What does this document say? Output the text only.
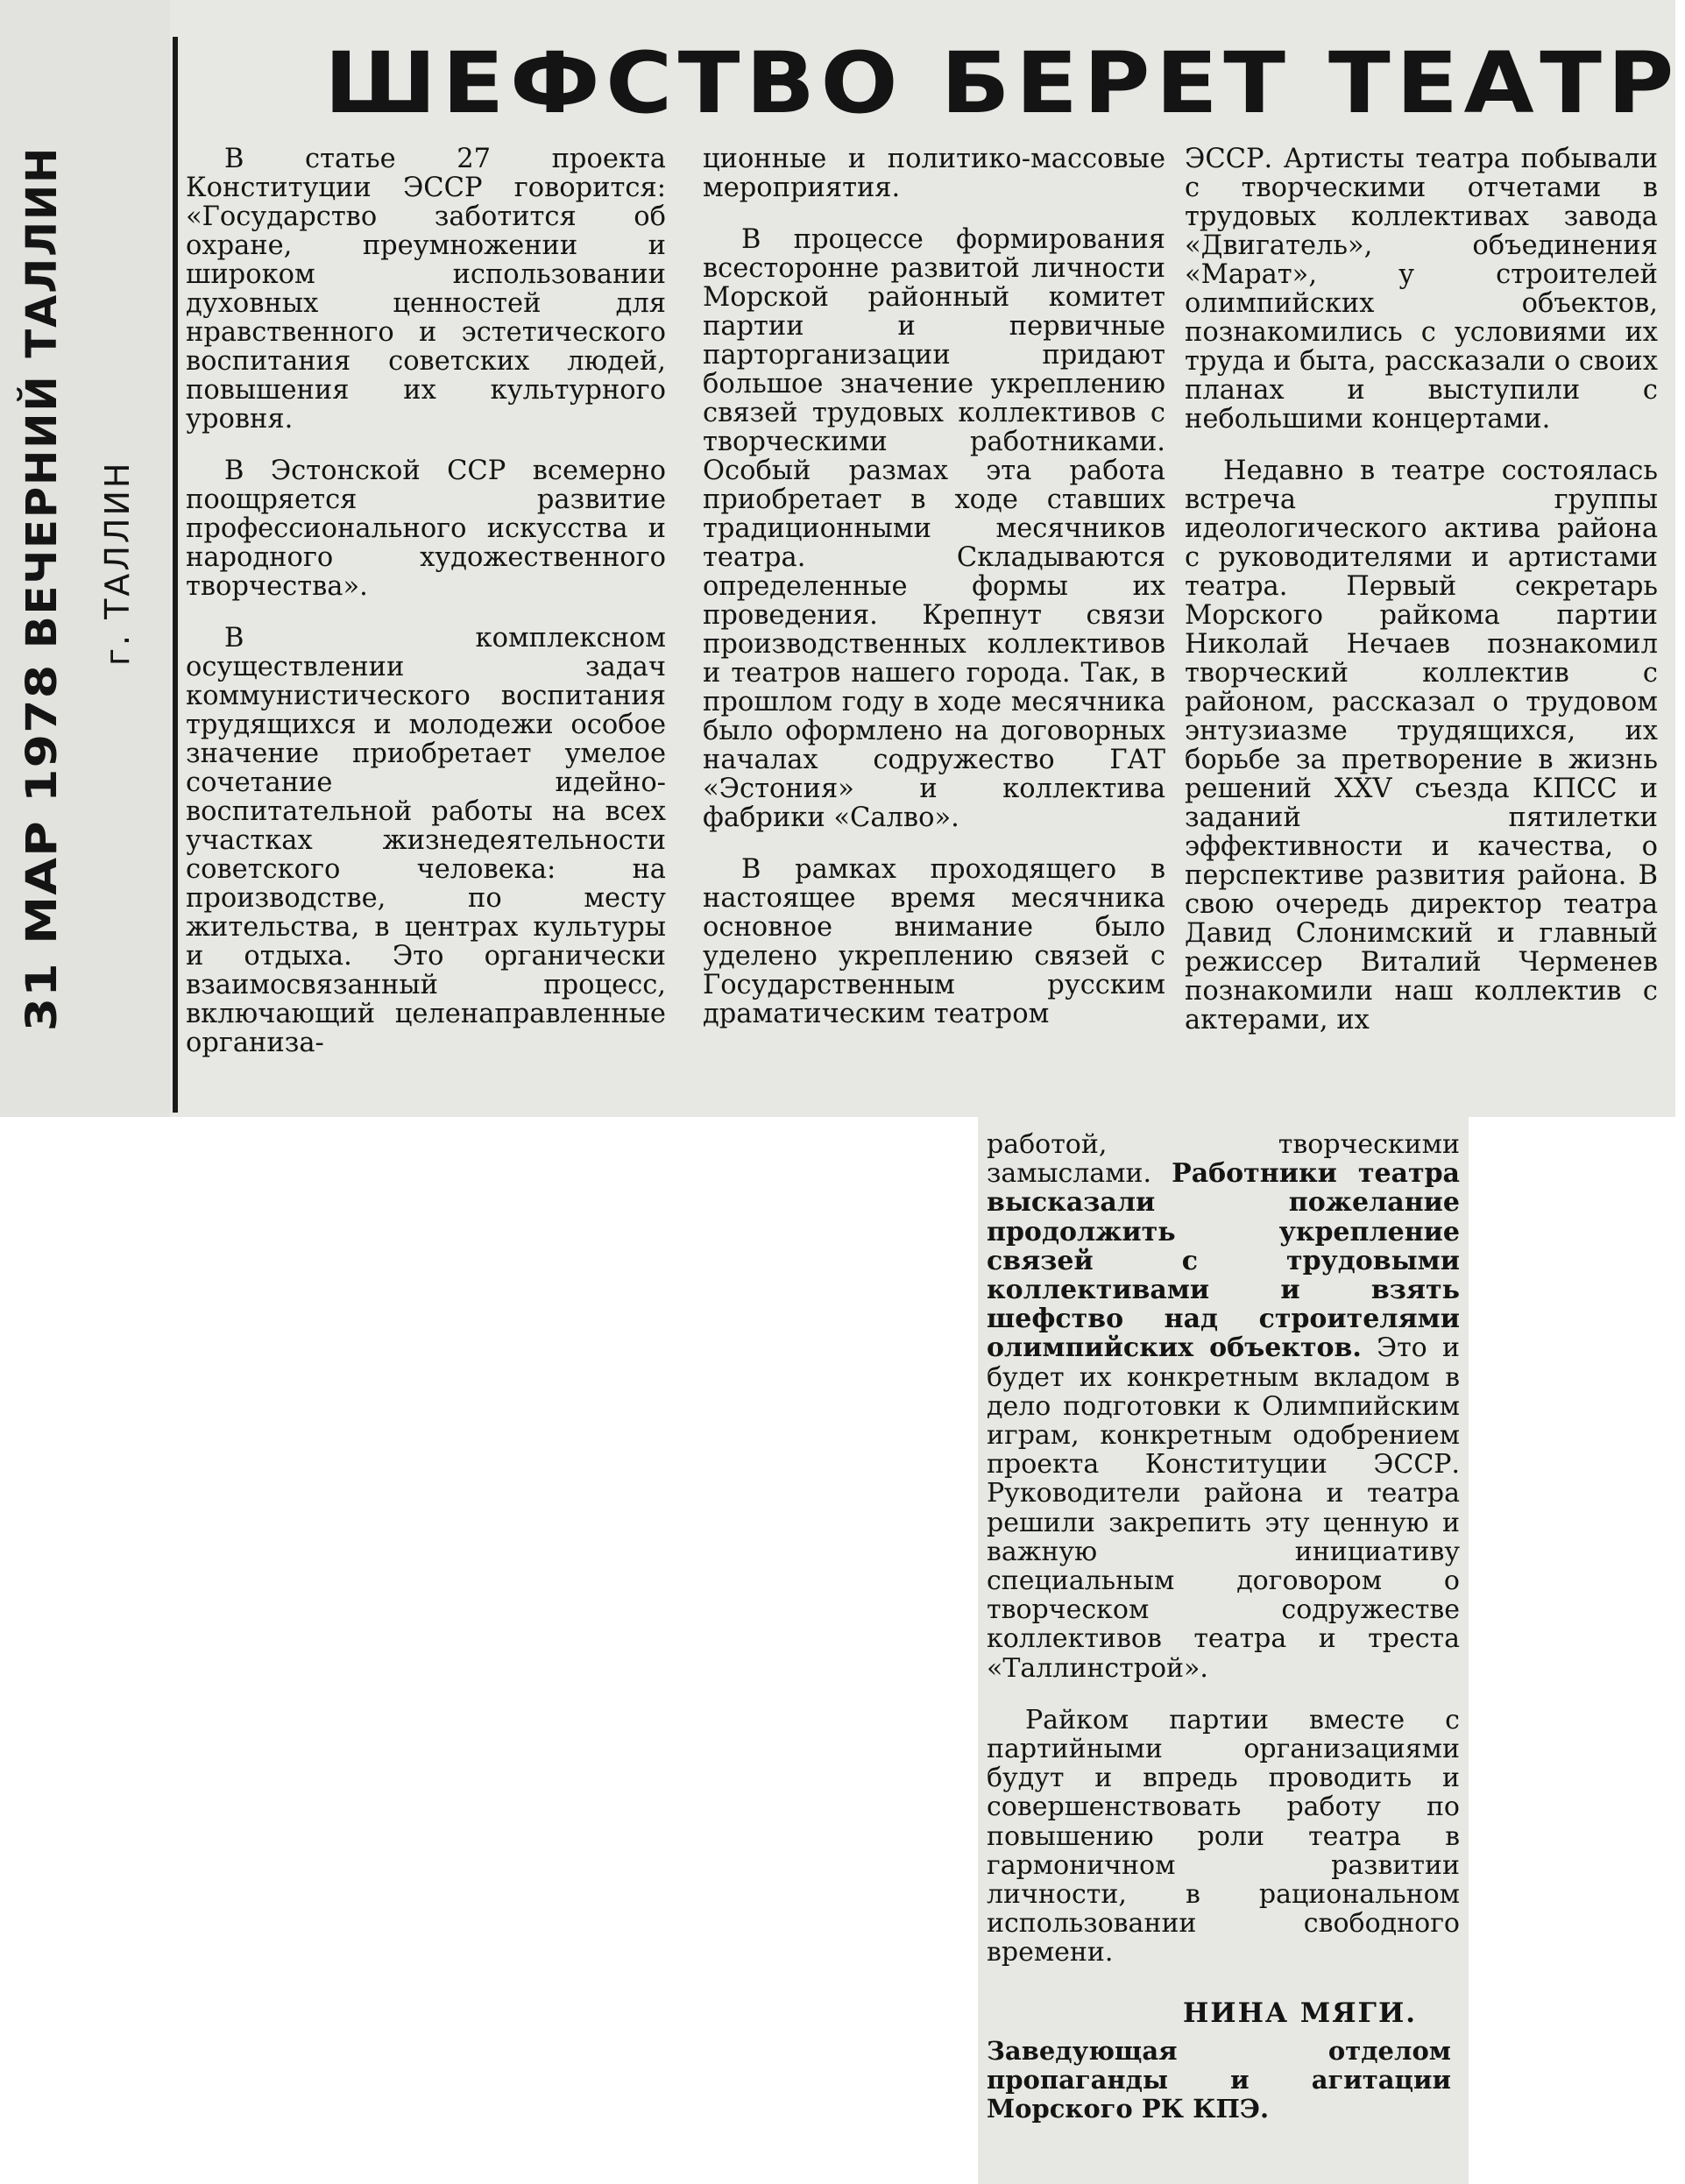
31 МАР 1978 ВЕЧЕРНИЙ ТАЛЛИН г. ТАЛЛИН
ШЕФСТВО БЕРЕТ ТЕАТР

В статье 27 проекта Конституции ЭССР говорится: «Государство заботится об охране, преумножении и широком использовании духовных ценностей для нравственного и эстетического воспитания советских людей, повышения их культурного уровня.

В Эстонской ССР всемерно поощряется развитие профессионального искусства и народного художественного творчества».

В комплексном осуществлении задач коммунистического воспитания трудящихся и молодежи особое значение приобретает умелое сочетание идейно-воспитательной работы на всех участках жизнедеятельности советского человека: на производстве, по месту жительства, в центрах культуры и отдыха. Это органически взаимосвязанный процесс, включающий целенаправленные организа-

ционные и политико-массовые мероприятия.

В процессе формирования всесторонне развитой личности Морской районный комитет партии и первичные парторганизации придают большое значение укреплению связей трудовых коллективов с творческими работниками. Особый размах эта работа приобретает в ходе ставших традиционными месячников театра. Складываются определенные формы их проведения. Крепнут связи производственных коллективов и театров нашего города. Так, в прошлом году в ходе месячника было оформлено на договорных началах содружество ГАТ «Эстония» и коллектива фабрики «Салво».

В рамках проходящего в настоящее время месячника основное внимание было уделено укреплению связей с Государственным русским драматическим театром

ЭССР. Артисты театра побывали с творческими отчетами в трудовых коллективах завода «Двигатель», объединения «Марат», у строителей олимпийских объектов, познакомились с условиями их труда и быта, рассказали о своих планах и выступили с небольшими концертами.

Недавно в театре состоялась встреча группы идеологического актива района с руководителями и артистами театра. Первый секретарь Морского райкома партии Николай Нечаев познакомил творческий коллектив с районом, рассказал о трудовом энтузиазме трудящихся, их борьбе за претворение в жизнь решений XXV съезда КПСС и заданий пятилетки эффективности и качества, о перспективе развития района. В свою очередь директор театра Давид Слонимский и главный режиссер Виталий Черменев познакомили наш коллектив с актерами, их

работой, творческими замыслами. Работники театра высказали пожелание продолжить укрепление связей с трудовыми коллективами и взять шефство над строителями олимпийских объектов. Это и будет их конкретным вкладом в дело подготовки к Олимпийским играм, конкретным одобрением проекта Конституции ЭССР. Руководители района и театра решили закрепить эту ценную и важную инициативу специальным договором о творческом содружестве коллективов театра и треста «Таллинстрой».

Райком партии вместе с партийными организациями будут и впредь проводить и совершенствовать работу по повышению роли театра в гармоничном развитии личности, в рациональном использовании свободного времени.

НИНА МЯГИ.
Заведующая отделом пропаганды и агитации Морского РК КПЭ.
